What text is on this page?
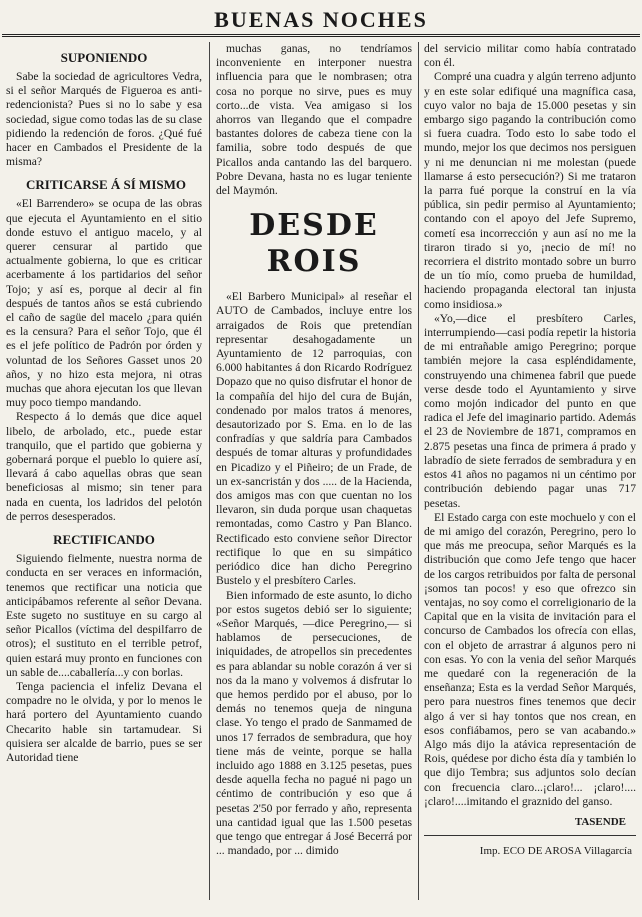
BUENAS NOCHES
SUPONIENDO

Sabe la sociedad de agricultores Vedra, si el señor Marqués de Figueroa es anti-redencionista? Pues si no lo sabe y esa sociedad, sigue como todas las de su clase pidiendo la redención de foros. ¿Qué fué hacer en Cambados el Presidente de la misma?

CRITICARSE Á SÍ MISMO

«El Barrendero» se ocupa de las obras que ejecuta el Ayuntamiento en el sitio donde estuvo el antiguo macelo, y al querer censurar al partido que actualmente gobierna, lo que es criticar acerbamente á los partidarios del señor Tojo; y así es, porque al decir al fin después de tantos años se está cubriendo el caño de sagüe del macelo ¿para quién es la censura? Para el señor Tojo, que él es el jefe político de Padrón por órden y voluntad de los Señores Gasset unos 20 años, y no hizo esta mejora, ni otras muchas que ahora ejecutan los que llevan muy poco tiempo mandando.

Respecto á lo demás que dice aquel libelo, de arbolado, etc., puede estar tranquilo, que el partido que gobierna y gobernará porque el pueblo lo quiere así, llevará á cabo aquellas obras que sean beneficiosas al mismo; sin tener para nada en cuenta, los ladridos del pelotón de perros desesperados.

RECTIFICANDO

Siguiendo fielmente, nuestra norma de conducta en ser veraces en información, tenemos que rectificar una noticia que anticipábamos referente al señor Devana. Este sugeto no sustituye en su cargo al señor Picallos (víctima del despilfarro de otros); el sustituto en el terrible petrof, quien estará muy pronto en funciones con un sable de....caballería...y con borlas.

Tenga paciencia el infeliz Devana el compadre no le olvida, y por lo menos le hará portero del Ayuntamiento cuando Checarito hable sin tartamudear. Si quisiera ser alcalde de barrio, pues se ser Autoridad tiene

muchas ganas, no tendríamos inconveniente en interponer nuestra influencia para que le nombrasen; otra cosa no porque no sirve, pues es muy corto...de vista. Vea amigaso si los ahorros van llegando que el compadre bastantes dolores de cabeza tiene con la familia, sobre todo después de que Picallos anda cantando las del barquero. Pobre Devana, hasta no es lugar teniente del Maymón.

DESDE ROIS

«El Barbero Municipal» al reseñar el AUTO de Cambados, incluye entre los arraigados de Rois que pretendían representar desahogadamente un Ayuntamiento de 12 parroquias, con 6.000 habitantes á don Ricardo Rodríguez Dopazo que no quiso disfrutar el honor de la compañía del hijo del cura de Buján, condenado por malos tratos á menores, desautorizado por S. Ema. en lo de las confradías y que saldría para Cambados después de tomar alturas y profundidades en Picadizo y el Piñeiro; de un Frade, de un ex-sancristán y dos ..... de la Hacienda, dos amigos mas con que cuentan no los llevaron, sin duda porque usan chaquetas remontadas, como Castro y Pan Blanco. Rectificado esto conviene señor Director rectifique lo que en su simpático periódico dice han dicho Peregrino Bustelo y el presbítero Carles.

Bien informado de este asunto, lo dicho por estos sugetos debió ser lo siguiente; «Señor Marqués, —dice Peregrino,— si hablamos de persecuciones, de iniquidades, de atropellos sin precedentes es para ablandar su noble corazón á ver si nos da la mano y volvemos á disfrutar lo que hemos perdido por el abuso, por lo demás no tenemos queja de ninguna clase. Yo tengo el prado de Sanmamed de unos 17 ferrados de sembradura, que hoy tiene más de veinte, porque se halla incluido ago 1888 en 3.125 pesetas, pues desde aquella fecha no pagué ni pago un céntimo de contribución y eso que á pesetas 2'50 por ferrado y año, representa una cantidad igual que las 1.500 pesetas que tengo que entregar á José Becerrá por ... mandado, por ... dimido

del servicio militar como había contratado con él.

Compré una cuadra y algún terreno adjunto y en este solar edifiqué una magnífica casa, cuyo valor no baja de 15.000 pesetas y sin embargo sigo pagando la contribución como si fuera cuadra. Todo esto lo sabe todo el mundo, mejor los que decimos nos persiguen y ni me denuncian ni me molestan (puede llamarse á esto persecución?) Si me trataron la parra fué porque la construí en la vía pública, sin pedir permiso al Ayuntamiento; contando con el apoyo del Jefe Supremo, cometí esa incorrección y aun así no me la tiraron tirado si yo, ¡necio de mí! no recorriera el distrito montado sobre un burro de un tío mío, como prueba de humildad, haciendo propaganda electoral tan injusta como insidiosa.»

«Yo,—dice el presbítero Carles, interrumpiendo—casi podía repetir la historia de mi entrañable amigo Peregrino; porque también mejore la casa espléndidamente, construyendo una chimenea fabril que puede verse desde todo el Ayuntamiento y sirve como mojón indicador del punto en que radica el Jefe del imaginario partido. Además el 23 de Noviembre de 1871, compramos en 2.875 pesetas una finca de primera á prado y labradío de siete ferrados de sembradura y en estos 41 años no pagamos ni un céntimo por contribución debiendo pagar unas 717 pesetas.

El Estado carga con este mochuelo y con el de mi amigo del corazón, Peregrino, pero lo que más me preocupa, señor Marqués es la distribución que como Jefe tengo que hacer de los cargos retribuidos por falta de personal ¡somos tan pocos! y eso que ofrezco sin ventajas, no soy como el correligionario de la Capital que en la visita de invitación para el concurso de Cambados los ofrecía con ellas, con el objeto de arrastrar á algunos pero ni con esas. Yo con la venia del señor Marqués me quedaré con la regeneración de la enseñanza; Esta es la verdad Señor Marqués, pero para nuestros fines tenemos que decir algo á ver si hay tontos que nos crean, en esos confiábamos, pero se van acabando.» Algo más dijo la atávica representación de Rois, quédese por dicho ésta día y también lo que dijo Tembra; sus adjuntos solo decían con frecuencia claro...¡claro!... ¡claro!....¡claro!....imitando el graznido del ganso.

TASENDE
Imp. ECO DE AROSA Villagarcía
